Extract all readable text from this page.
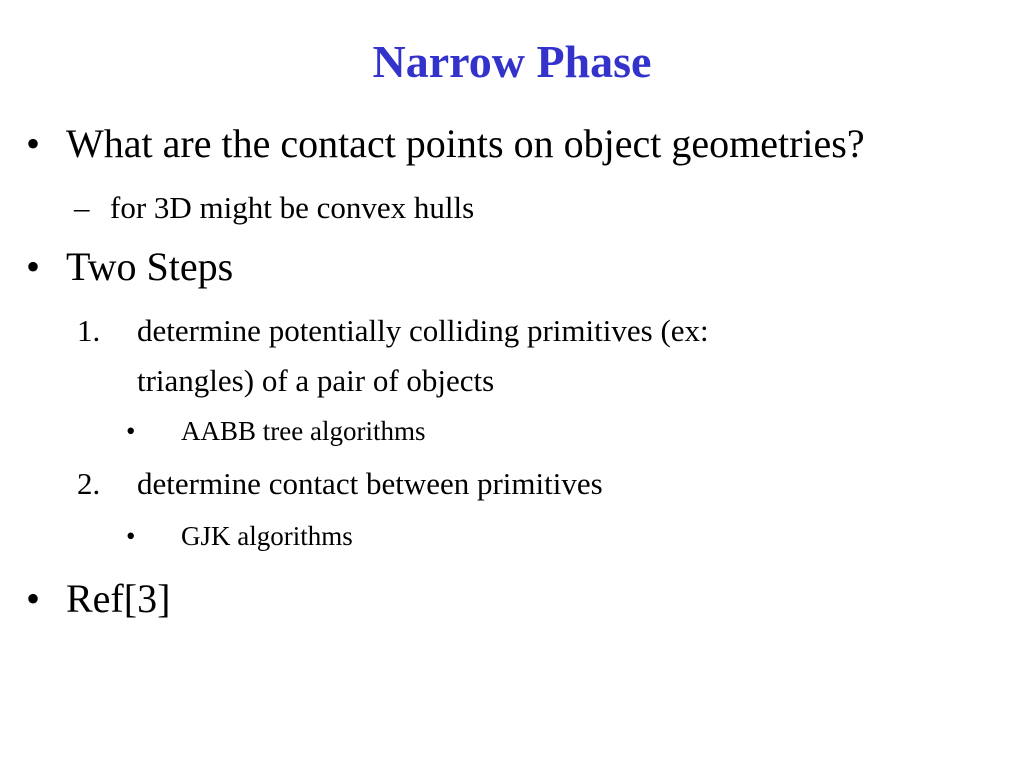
Narrow Phase
• What are the contact points on object geometries?
– for 3D might be convex hulls
• Two Steps
1. determine potentially colliding primitives (ex:
triangles) of a pair of objects
• AABB tree algorithms
2. determine contact between primitives
• GJK algorithms
• Ref[3]
